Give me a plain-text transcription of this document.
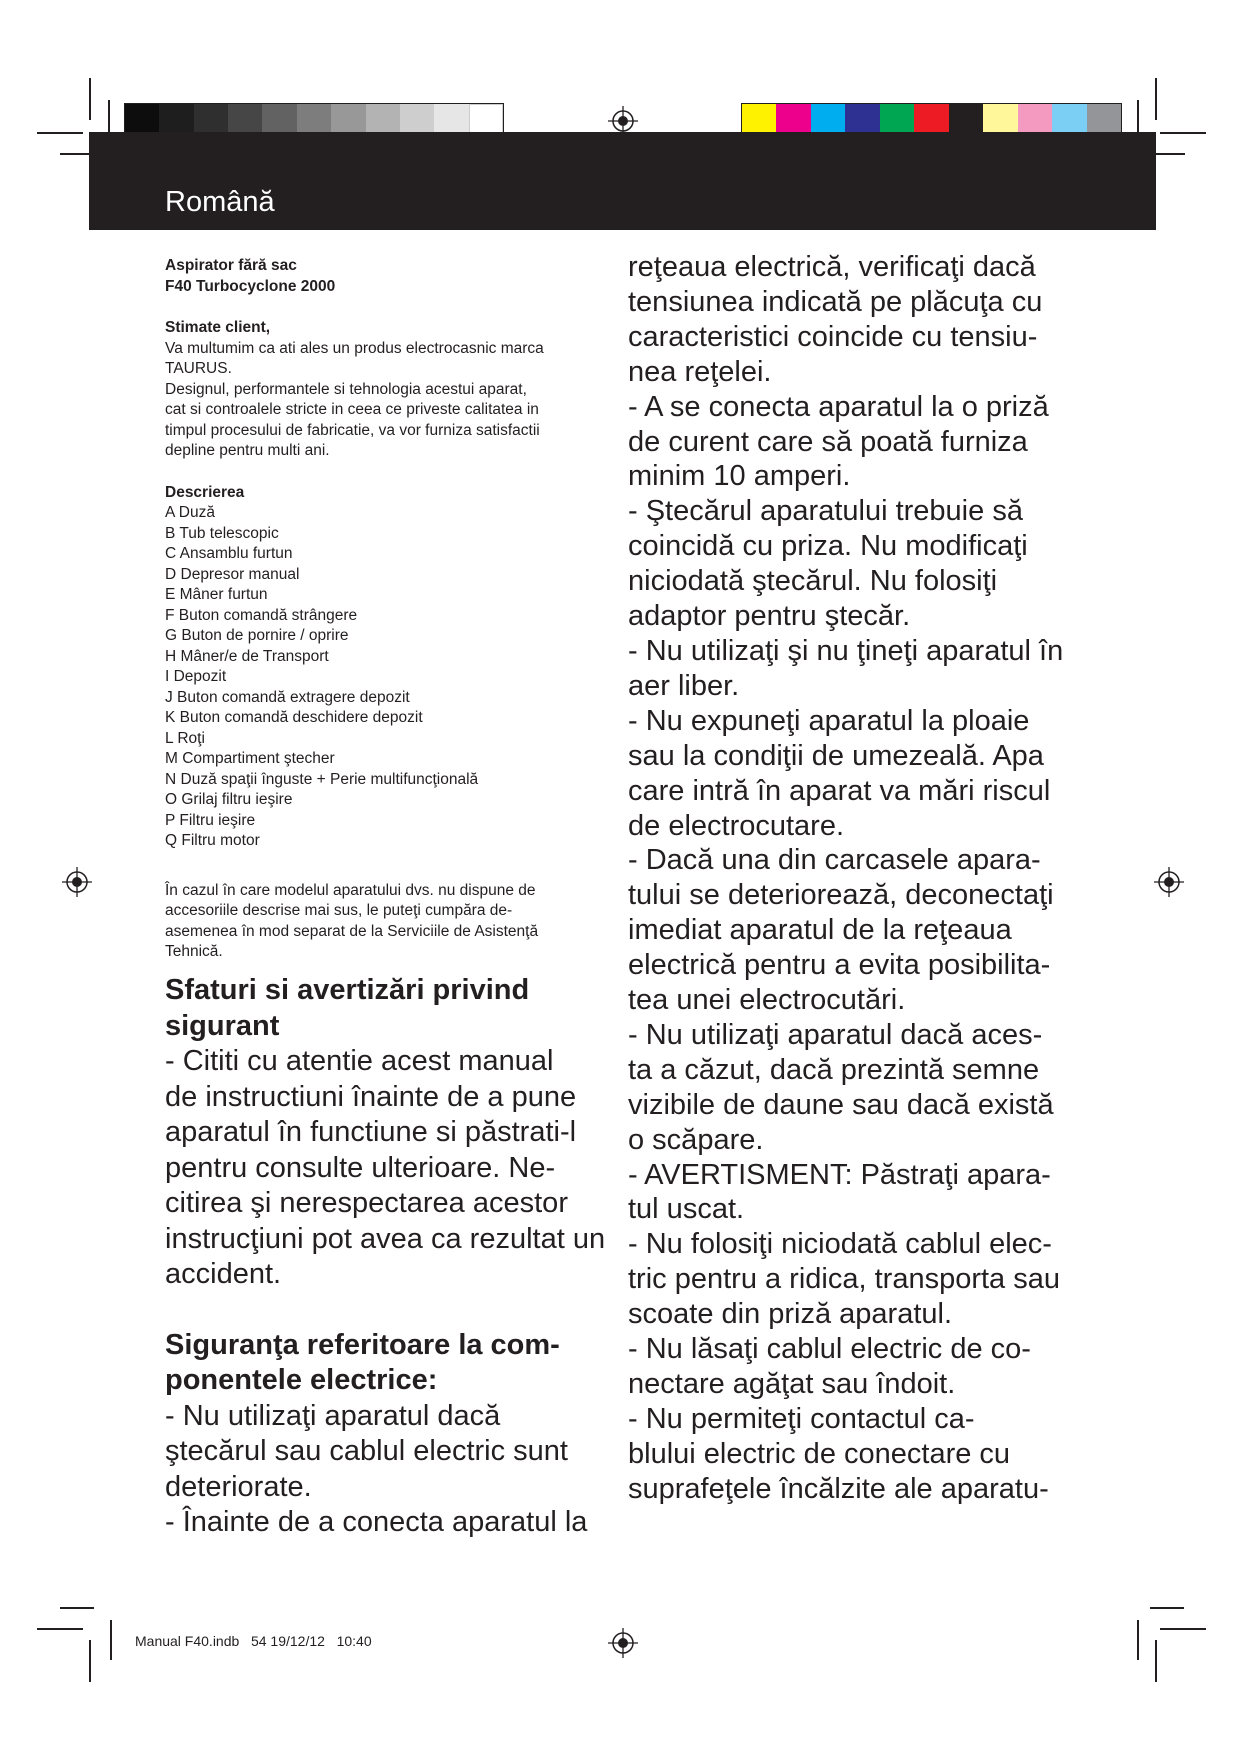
Română
Aspirator fără sac
F40 Turbocyclone 2000
Stimate client,
Va multumim ca ati ales un produs electrocasnic marca
TAURUS.
Designul, performantele si tehnologia acestui aparat,
cat si controalele stricte in ceea ce priveste calitatea in
timpul procesului de fabricatie, va vor furniza satisfactii
depline pentru multi ani.
Descrierea
A Duză
B Tub telescopic
C Ansamblu furtun
D Depresor manual
E Mâner furtun
F Buton comandă strângere
G Buton de pornire / oprire
H Mâner/e de Transport
I Depozit
J Buton comandă extragere depozit
K Buton comandă deschidere depozit
L Roţi
M Compartiment ştecher
N Duză spaţii înguste + Perie multifuncţională
O Grilaj filtru ieşire
P Filtru ieşire
Q Filtru motor
În cazul în care modelul aparatului dvs. nu dispune de
accesoriile descrise mai sus, le puteţi cumpăra de-
asemenea în mod separat de la Serviciile de Asistenţă
Tehnică.
Sfaturi si avertizări privind
sigurant
- Cititi cu atentie acest manual
de instructiuni înainte de a pune
aparatul în functiune si păstrati-l
pentru consulte ulterioare. Ne-
citirea şi nerespectarea acestor
instrucţiuni pot avea ca rezultat un
accident.
Siguranţa referitoare la com-
ponentele electrice:
- Nu utilizaţi aparatul dacă
ştecărul sau cablul electric sunt
deteriorate.
- Înainte de a conecta aparatul la
reţeaua electrică, verificaţi dacă
tensiunea indicată pe plăcuţa cu
caracteristici coincide cu tensiu-
nea reţelei.
- A se conecta aparatul la o priză
de curent care să poată furniza
minim 10 amperi.
- Ştecărul aparatului trebuie să
coincidă cu priza. Nu modificaţi
niciodată ştecărul. Nu folosiţi
adaptor pentru ştecăr.
- Nu utilizaţi şi nu ţineţi aparatul în
aer liber.
- Nu expuneţi aparatul la ploaie
sau la condiţii de umezeală. Apa
care intră în aparat va mări riscul
de electrocutare.
- Dacă una din carcasele apara-
tului se deteriorează, deconectaţi
imediat aparatul de la reţeaua
electrică pentru a evita posibilita-
tea unei electrocutări.
- Nu utilizaţi aparatul dacă aces-
ta a căzut, dacă prezintă semne
vizibile de daune sau dacă există
o scăpare.
- AVERTISMENT: Păstraţi apara-
tul uscat.
- Nu folosiţi niciodată cablul elec-
tric pentru a ridica, transporta sau
scoate din priză aparatul.
- Nu lăsaţi cablul electric de co-
nectare agăţat sau îndoit.
- Nu permiteţi contactul ca-
blului electric de conectare cu
suprafeţele încălzite ale aparatu-
Manual F40.indb   54 19/12/12   10:40
